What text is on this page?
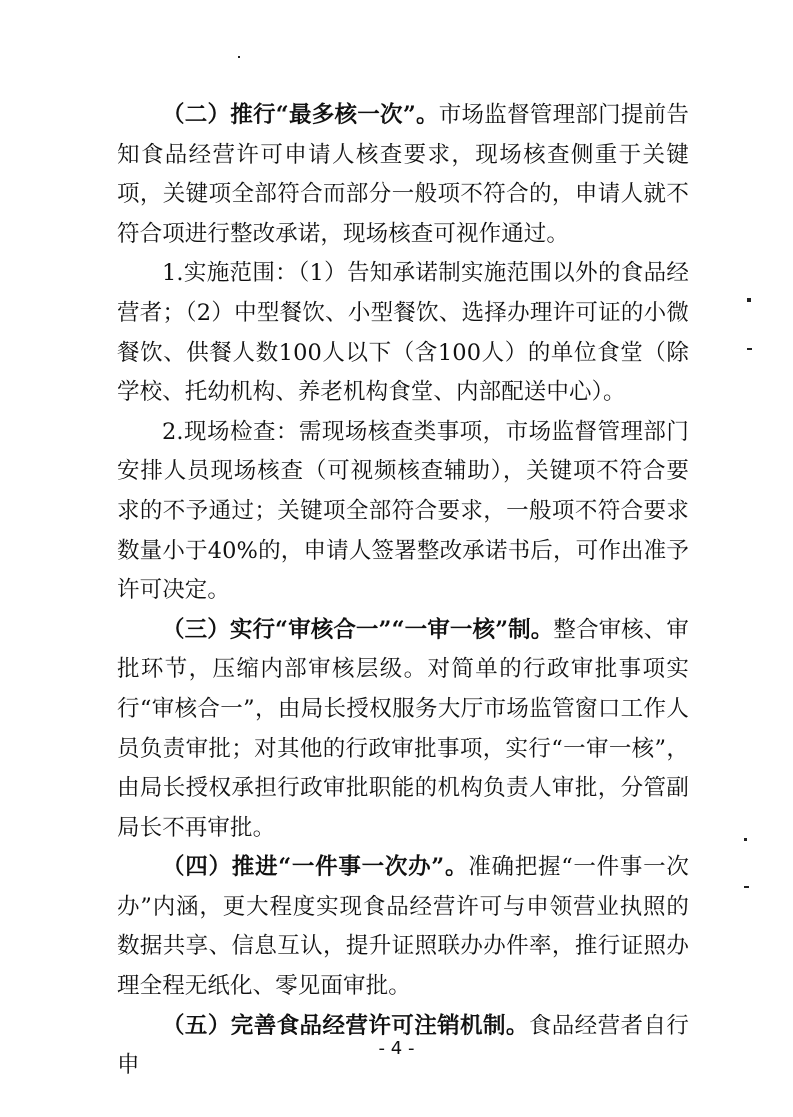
（二）推行“最多核一次”。市场监督管理部门提前告知食品经营许可申请人核查要求，现场核查侧重于关键项，关键项全部符合而部分一般项不符合的，申请人就不符合项进行整改承诺，现场核查可视作通过。

1.实施范围：（1）告知承诺制实施范围以外的食品经营者；（2）中型餐饮、小型餐饮、选择办理许可证的小微餐饮、供餐人数100人以下（含100人）的单位食堂（除学校、托幼机构、养老机构食堂、内部配送中心）。

2.现场检查：需现场核查类事项，市场监督管理部门安排人员现场核查（可视频核查辅助），关键项不符合要求的不予通过；关键项全部符合要求，一般项不符合要求数量小于40%的，申请人签署整改承诺书后，可作出准予许可决定。

（三）实行“审核合一”“一审一核”制。整合审核、审批环节，压缩内部审核层级。对简单的行政审批事项实行“审核合一”，由局长授权服务大厅市场监管窗口工作人员负责审批；对其他的行政审批事项，实行“一审一核”，由局长授权承担行政审批职能的机构负责人审批，分管副局长不再审批。

（四）推进“一件事一次办”。准确把握“一件事一次办”内涵，更大程度实现食品经营许可与申领营业执照的数据共享、信息互认，提升证照联办办件率，推行证照办理全程无纸化、零见面审批。

（五）完善食品经营许可注销机制。食品经营者自行申

- 4 -
